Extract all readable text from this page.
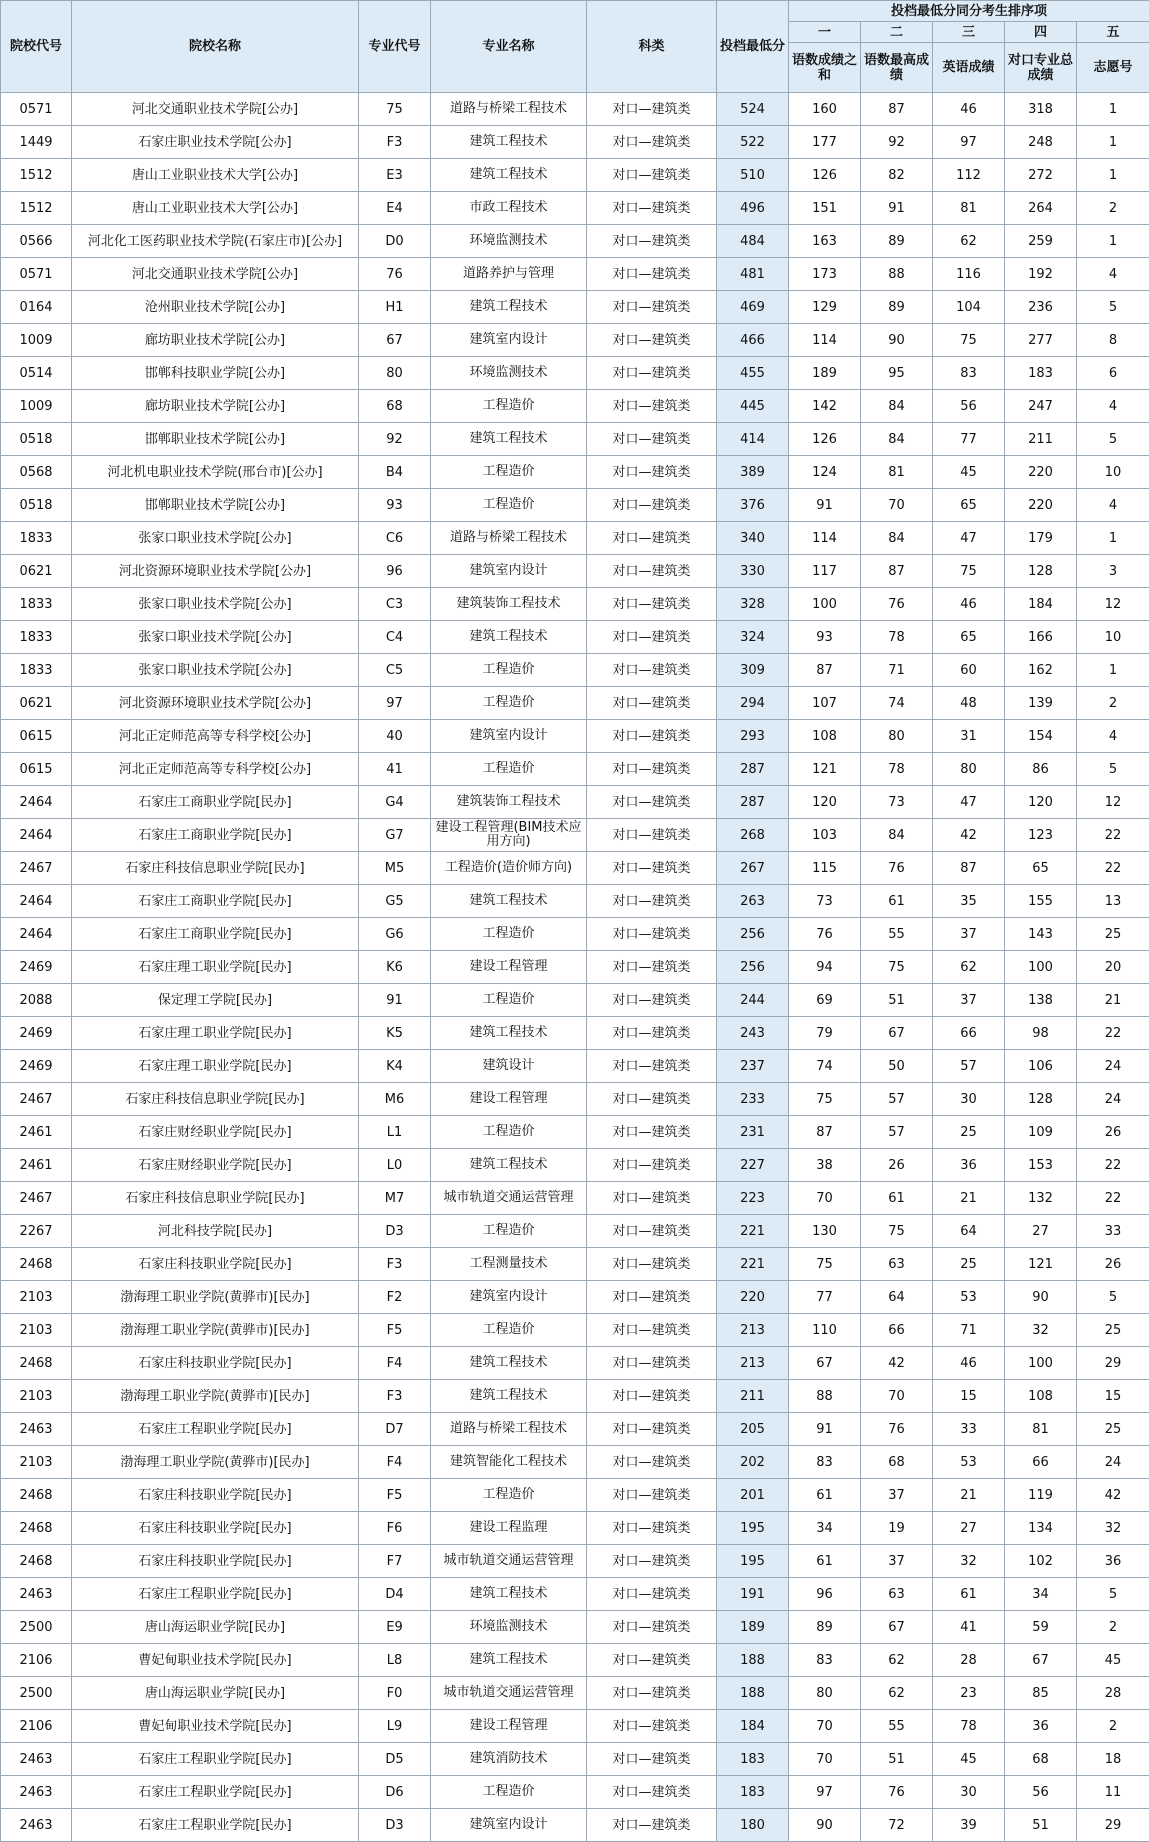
院校代号	院校名称	专业代号	专业名称	科类	投档最低分	投档最低分同分考生排序项				
						一	二	三	四	五
						语数成绩之和	语数最高成绩	英语成绩	对口专业总成绩	志愿号
0571	河北交通职业技术学院[公办]	75	道路与桥梁工程技术	对口—建筑类	524	160	87	46	318	1
1449	石家庄职业技术学院[公办]	F3	建筑工程技术	对口—建筑类	522	177	92	97	248	1
1512	唐山工业职业技术大学[公办]	E3	建筑工程技术	对口—建筑类	510	126	82	112	272	1
1512	唐山工业职业技术大学[公办]	E4	市政工程技术	对口—建筑类	496	151	91	81	264	2
0566	河北化工医药职业技术学院(石家庄市)[公办]	D0	环境监测技术	对口—建筑类	484	163	89	62	259	1
0571	河北交通职业技术学院[公办]	76	道路养护与管理	对口—建筑类	481	173	88	116	192	4
0164	沧州职业技术学院[公办]	H1	建筑工程技术	对口—建筑类	469	129	89	104	236	5
1009	廊坊职业技术学院[公办]	67	建筑室内设计	对口—建筑类	466	114	90	75	277	8
0514	邯郸科技职业学院[公办]	80	环境监测技术	对口—建筑类	455	189	95	83	183	6
1009	廊坊职业技术学院[公办]	68	工程造价	对口—建筑类	445	142	84	56	247	4
0518	邯郸职业技术学院[公办]	92	建筑工程技术	对口—建筑类	414	126	84	77	211	5
0568	河北机电职业技术学院(邢台市)[公办]	B4	工程造价	对口—建筑类	389	124	81	45	220	10
0518	邯郸职业技术学院[公办]	93	工程造价	对口—建筑类	376	91	70	65	220	4
1833	张家口职业技术学院[公办]	C6	道路与桥梁工程技术	对口—建筑类	340	114	84	47	179	1
0621	河北资源环境职业技术学院[公办]	96	建筑室内设计	对口—建筑类	330	117	87	75	128	3
1833	张家口职业技术学院[公办]	C3	建筑装饰工程技术	对口—建筑类	328	100	76	46	184	12
1833	张家口职业技术学院[公办]	C4	建筑工程技术	对口—建筑类	324	93	78	65	166	10
1833	张家口职业技术学院[公办]	C5	工程造价	对口—建筑类	309	87	71	60	162	1
0621	河北资源环境职业技术学院[公办]	97	工程造价	对口—建筑类	294	107	74	48	139	2
0615	河北正定师范高等专科学校[公办]	40	建筑室内设计	对口—建筑类	293	108	80	31	154	4
0615	河北正定师范高等专科学校[公办]	41	工程造价	对口—建筑类	287	121	78	80	86	5
2464	石家庄工商职业学院[民办]	G4	建筑装饰工程技术	对口—建筑类	287	120	73	47	120	12
2464	石家庄工商职业学院[民办]	G7	建设工程管理(BIM技术应用方向)	对口—建筑类	268	103	84	42	123	22
2467	石家庄科技信息职业学院[民办]	M5	工程造价(造价师方向)	对口—建筑类	267	115	76	87	65	22
2464	石家庄工商职业学院[民办]	G5	建筑工程技术	对口—建筑类	263	73	61	35	155	13
2464	石家庄工商职业学院[民办]	G6	工程造价	对口—建筑类	256	76	55	37	143	25
2469	石家庄理工职业学院[民办]	K6	建设工程管理	对口—建筑类	256	94	75	62	100	20
2088	保定理工学院[民办]	91	工程造价	对口—建筑类	244	69	51	37	138	21
2469	石家庄理工职业学院[民办]	K5	建筑工程技术	对口—建筑类	243	79	67	66	98	22
2469	石家庄理工职业学院[民办]	K4	建筑设计	对口—建筑类	237	74	50	57	106	24
2467	石家庄科技信息职业学院[民办]	M6	建设工程管理	对口—建筑类	233	75	57	30	128	24
2461	石家庄财经职业学院[民办]	L1	工程造价	对口—建筑类	231	87	57	25	109	26
2461	石家庄财经职业学院[民办]	L0	建筑工程技术	对口—建筑类	227	38	26	36	153	22
2467	石家庄科技信息职业学院[民办]	M7	城市轨道交通运营管理	对口—建筑类	223	70	61	21	132	22
2267	河北科技学院[民办]	D3	工程造价	对口—建筑类	221	130	75	64	27	33
2468	石家庄科技职业学院[民办]	F3	工程测量技术	对口—建筑类	221	75	63	25	121	26
2103	渤海理工职业学院(黄骅市)[民办]	F2	建筑室内设计	对口—建筑类	220	77	64	53	90	5
2103	渤海理工职业学院(黄骅市)[民办]	F5	工程造价	对口—建筑类	213	110	66	71	32	25
2468	石家庄科技职业学院[民办]	F4	建筑工程技术	对口—建筑类	213	67	42	46	100	29
2103	渤海理工职业学院(黄骅市)[民办]	F3	建筑工程技术	对口—建筑类	211	88	70	15	108	15
2463	石家庄工程职业学院[民办]	D7	道路与桥梁工程技术	对口—建筑类	205	91	76	33	81	25
2103	渤海理工职业学院(黄骅市)[民办]	F4	建筑智能化工程技术	对口—建筑类	202	83	68	53	66	24
2468	石家庄科技职业学院[民办]	F5	工程造价	对口—建筑类	201	61	37	21	119	42
2468	石家庄科技职业学院[民办]	F6	建设工程监理	对口—建筑类	195	34	19	27	134	32
2468	石家庄科技职业学院[民办]	F7	城市轨道交通运营管理	对口—建筑类	195	61	37	32	102	36
2463	石家庄工程职业学院[民办]	D4	建筑工程技术	对口—建筑类	191	96	63	61	34	5
2500	唐山海运职业学院[民办]	E9	环境监测技术	对口—建筑类	189	89	67	41	59	2
2106	曹妃甸职业技术学院[民办]	L8	建筑工程技术	对口—建筑类	188	83	62	28	67	45
2500	唐山海运职业学院[民办]	F0	城市轨道交通运营管理	对口—建筑类	188	80	62	23	85	28
2106	曹妃甸职业技术学院[民办]	L9	建设工程管理	对口—建筑类	184	70	55	78	36	2
2463	石家庄工程职业学院[民办]	D5	建筑消防技术	对口—建筑类	183	70	51	45	68	18
2463	石家庄工程职业学院[民办]	D6	工程造价	对口—建筑类	183	97	76	30	56	11
2463	石家庄工程职业学院[民办]	D3	建筑室内设计	对口—建筑类	180	90	72	39	51	29
